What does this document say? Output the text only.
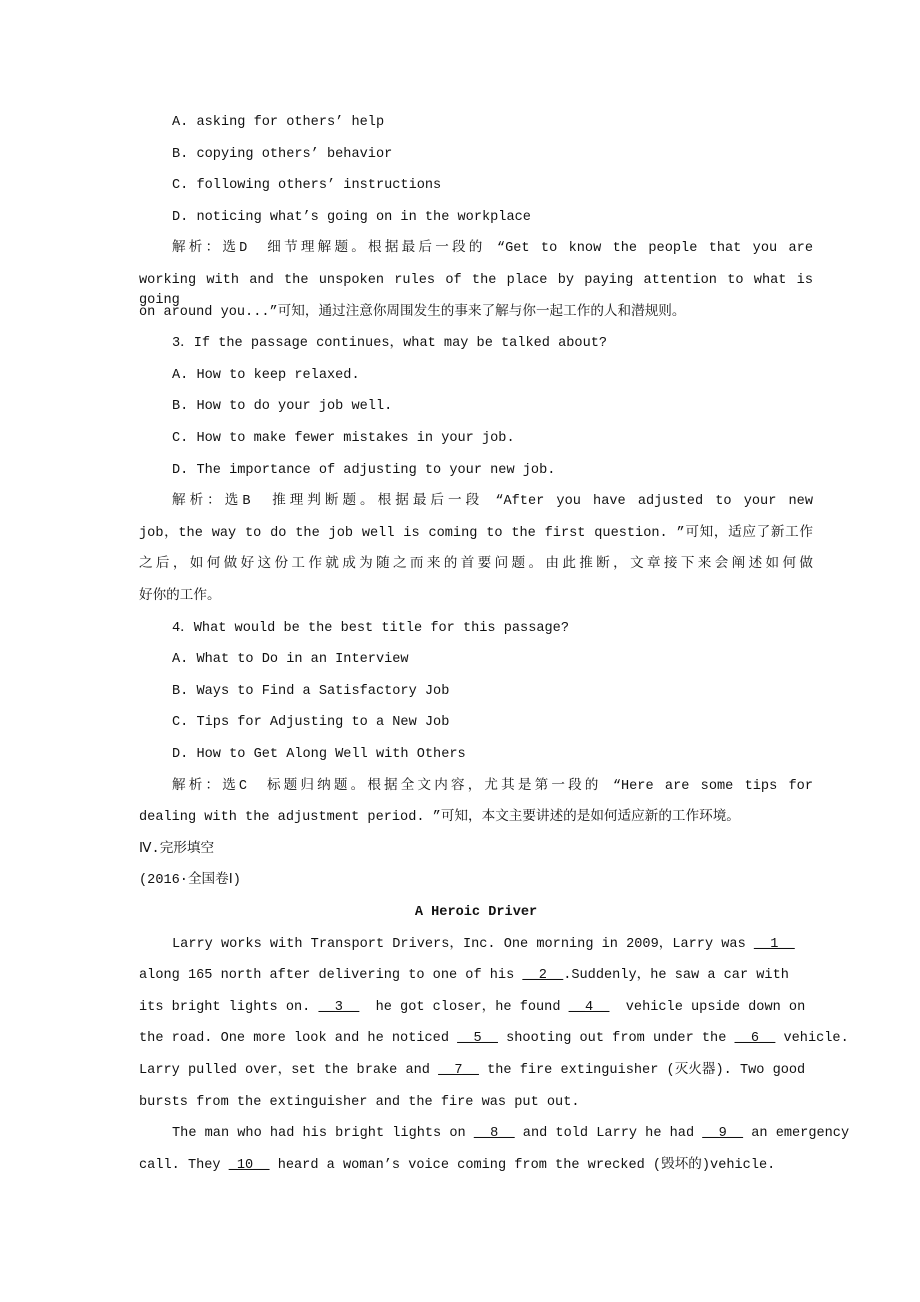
A. asking for others’ help
B. copying others’ behavior
C. following others’ instructions
D. noticing what’s going on in the workplace
解析：选D　细节理解题。根据最后一段的 “Get to know the people that you are
working with and the unspoken rules of the place by paying attention to what is going
on around you...”可知，通过注意你周围发生的事来了解与你一起工作的人和潜规则。
3．If the passage continues，what may be talked about?
A. How to keep relaxed.
B. How to do your job well.
C. How to make fewer mistakes in your job.
D. The importance of adjusting to your new job.
解析：选B　推理判断题。根据最后一段 “After you have adjusted to your new
job，the way to do the job well is coming to the first question. ”可知，适应了新工作
之后，如何做好这份工作就成为随之而来的首要问题。由此推断，文章接下来会阐述如何做
好你的工作。
4．What would be the best title for this passage?
A. What to Do in an Interview
B. Ways to Find a Satisfactory Job
C. Tips for Adjusting to a New Job
D. How to Get Along Well with Others
解析：选C　标题归纳题。根据全文内容，尤其是第一段的 “Here are some tips for
dealing with the adjustment period. ”可知，本文主要讲述的是如何适应新的工作环境。
Ⅳ.完形填空
(2016·全国卷Ⅰ)
A Heroic Driver
Larry works with Transport Drivers，Inc. One morning in 2009，Larry was __1__
along 165 north after delivering to one of his __2__.Suddenly，he saw a car with
its bright lights on. __3__  he got closer，he found __4__  vehicle upside down on
the road. One more look and he noticed __5__ shooting out from under the __6__ vehicle.
Larry pulled over，set the brake and __7__ the fire extinguisher (灭火器). Two good
bursts from the extinguisher and the fire was put out.
The man who had his bright lights on __8__ and told Larry he had __9__ an emergency
call. They _10__ heard a woman’s voice coming from the wrecked (毁坏的)vehicle.
